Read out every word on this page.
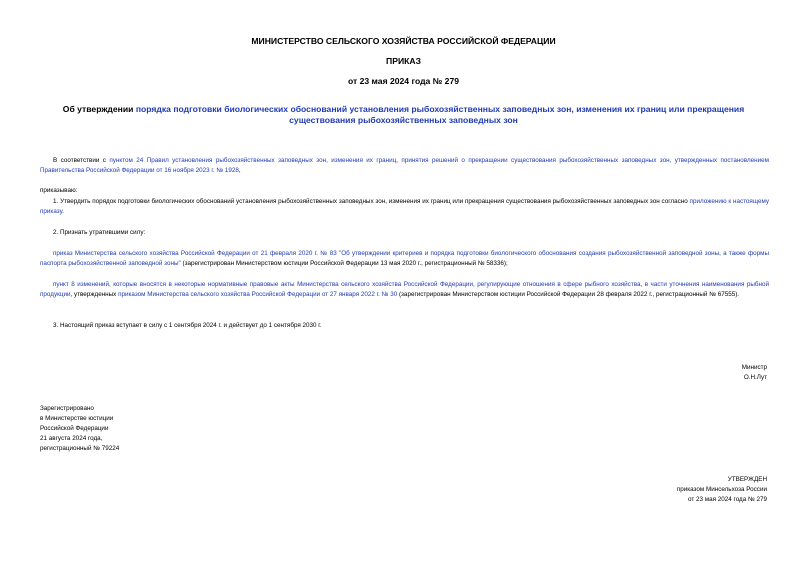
МИНИСТЕРСТВО СЕЛЬСКОГО ХОЗЯЙСТВА РОССИЙСКОЙ ФЕДЕРАЦИИ
ПРИКАЗ
от 23 мая 2024 года № 279
Об утверждении порядка подготовки биологических обоснований установления рыбохозяйственных заповедных зон, изменения их границ или прекращения существования рыбохозяйственных заповедных зон
В соответствии с пунктом 24 Правил установления рыбохозяйственных заповедных зон, изменения их границ, принятия решений о прекращении существования рыбохозяйственных заповедных зон, утвержденных постановлением Правительства Российской Федерации от 16 ноября 2023 г. № 1928,
приказываю:
1. Утвердить порядок подготовки биологических обоснований установления рыбохозяйственных заповедных зон, изменения их границ или прекращения существования рыбохозяйственных заповедных зон согласно приложению к настоящему приказу.
2. Признать утратившими силу:
приказ Министерства сельского хозяйства Российской Федерации от 21 февраля 2020 г. № 83 "Об утверждении критериев и порядка подготовки биологического обоснования создания рыбохозяйственной заповедной зоны, а также формы паспорта рыбохозяйственной заповедной зоны" (зарегистрирован Министерством юстиции Российской Федерации 13 мая 2020 г., регистрационный № 58336);
пункт 8 изменений, которые вносятся в некоторые нормативные правовые акты Министерства сельского хозяйства Российской Федерации, регулирующие отношения в сфере рыбного хозяйства, в части уточнения наименования рыбной продукции, утвержденных приказом Министерства сельского хозяйства Российской Федерации от 27 января 2022 г. № 30 (зарегистрирован Министерством юстиции Российской Федерации 28 февраля 2022 г., регистрационный № 67555).
3. Настоящий приказ вступает в силу с 1 сентября 2024 г. и действует до 1 сентября 2030 г.
Министр
О.Н.Лут
Зарегистрировано
в Министерстве юстиции
Российской Федерации
21 августа 2024 года,
регистрационный № 79224
УТВЕРЖДЕН
приказом Минсельхоза России
от 23 мая 2024 года № 279
